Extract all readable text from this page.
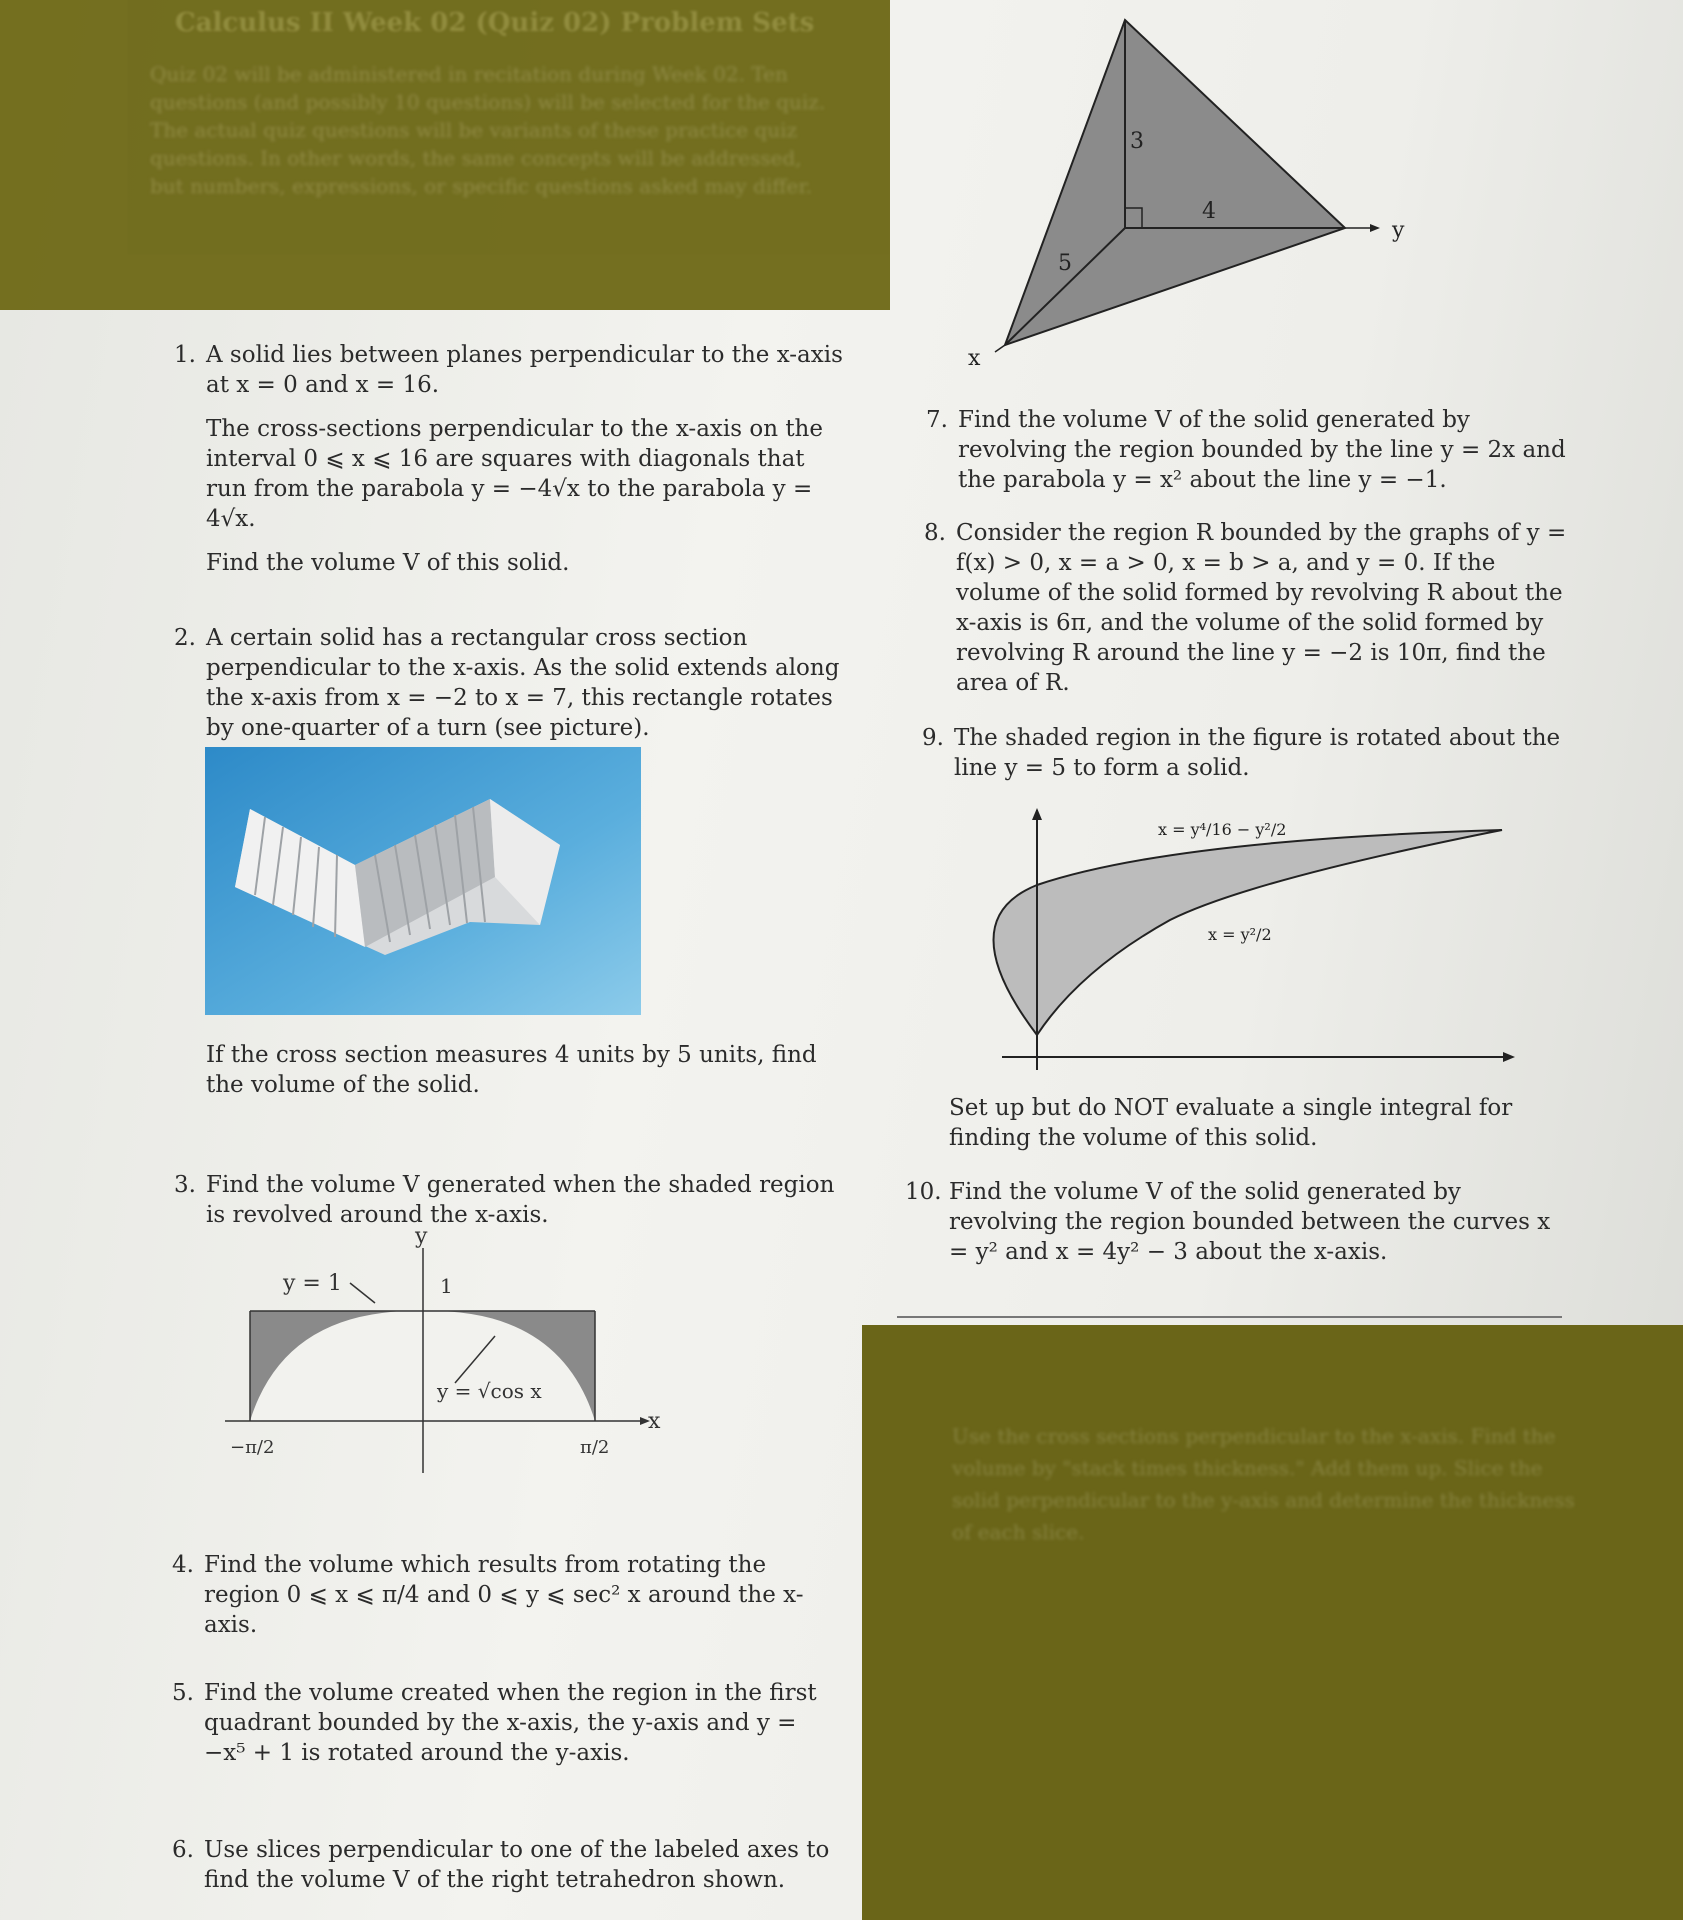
Calculus II Week 02 (Quiz 02) Problem Sets
Quiz 02 will be administered in recitation during Week 02. Ten questions (and possibly 10 questions) will be selected for the quiz. The actual quiz questions will be variants of these practice quiz questions. In other words, the same concepts will be addressed, but numbers, expressions, or specific questions asked may differ.
1. A solid lies between planes perpendicular to the x-axis at x = 0 and x = 16.

The cross-sections perpendicular to the x-axis on the interval 0 ⩽ x ⩽ 16 are squares with diagonals that run from the parabola y = −4√x to the parabola y = 4√x.

Find the volume V of this solid.

2. A certain solid has a rectangular cross section perpendicular to the x-axis. As the solid extends along the x-axis from x = −2 to x = 7, this rectangle rotates by one-quarter of a turn (see picture).

If the cross section measures 4 units by 5 units, find the volume of the solid.

3. Find the volume V generated when the shaded region is revolved around the x-axis.

y
x
y = 1	1
y = √cos x
−π/2	π/2
4. Find the volume which results from rotating the region 0 ⩽ x ⩽ π/4 and 0 ⩽ y ⩽ sec² x around the x-axis.

5. Find the volume created when the region in the first quadrant bounded by the x-axis, the y-axis and y = −x⁵ + 1 is rotated around the y-axis.

6. Use slices perpendicular to one of the labeled axes to find the volume V of the right tetrahedron shown.

3
4
5
y
x
7. Find the volume V of the solid generated by revolving the region bounded by the line y = 2x and the parabola y = x² about the line y = −1.

8. Consider the region R bounded by the graphs of y = f(x) > 0, x = a > 0, x = b > a, and y = 0. If the volume of the solid formed by revolving R about the x-axis is 6π, and the volume of the solid formed by revolving R around the line y = −2 is 10π, find the area of R.

9. The shaded region in the figure is rotated about the line y = 5 to form a solid.

x = y⁴/16 − y²/2
x = y²/2

Set up but do NOT evaluate a single integral for finding the volume of this solid.

10. Find the volume V of the solid generated by revolving the region bounded between the curves x = y² and x = 4y² − 3 about the x-axis.

Use the cross sections perpendicular to the x-axis. Find the volume by "stack times thickness." Add them up. Slice the solid perpendicular to the y-axis and determine the thickness of each slice.
